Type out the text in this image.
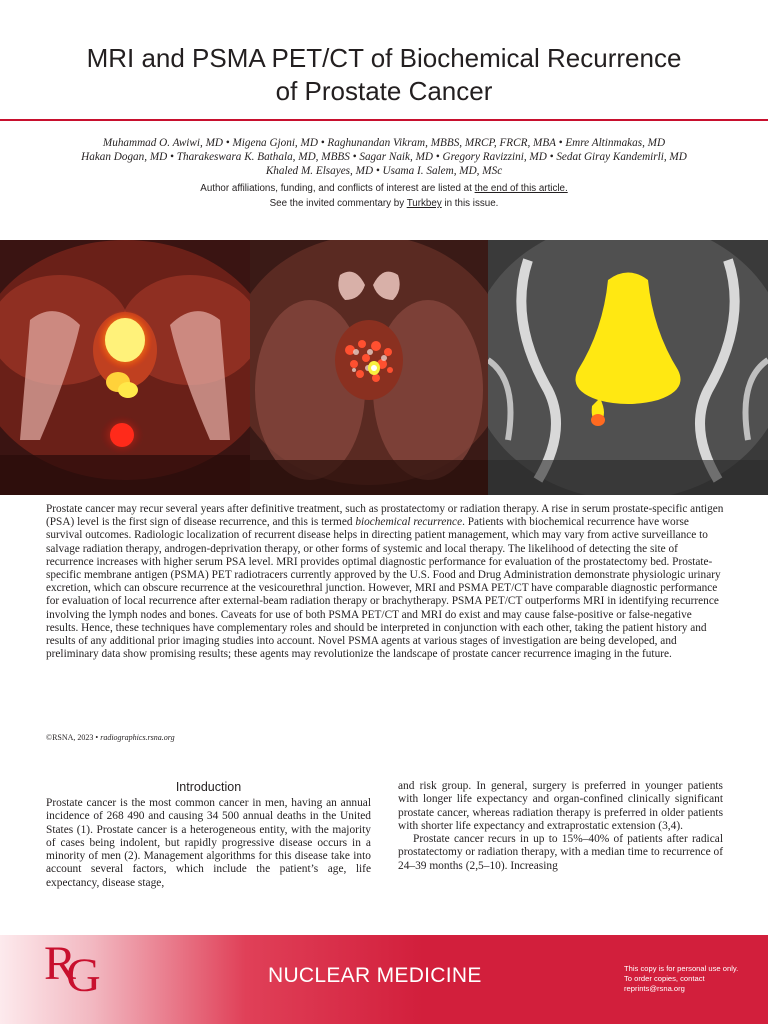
MRI and PSMA PET/CT of Biochemical Recurrence
of Prostate Cancer
Muhammad O. Awiwi, MD • Migena Gjoni, MD • Raghunandan Vikram, MBBS, MRCP, FRCR, MBA • Emre Altinmakas, MD
Hakan Dogan, MD • Tharakeswara K. Bathala, MD, MBBS • Sagar Naik, MD • Gregory Ravizzini, MD • Sedat Giray Kandemirli, MD
Khaled M. Elsayes, MD • Usama I. Salem, MD, MSc
Author affiliations, funding, and conflicts of interest are listed at the end of this article.
See the invited commentary by Turkbey in this issue.
Prostate cancer may recur several years after definitive treatment, such as prostatectomy or radiation therapy. A rise in serum prostate-specific antigen (PSA) level is the first sign of disease recurrence, and this is termed biochemical recurrence. Patients with biochemical recurrence have worse survival outcomes. Radiologic localization of recurrent disease helps in directing patient management, which may vary from active surveillance to salvage radiation therapy, androgen-deprivation therapy, or other forms of systemic and local therapy. The likelihood of detecting the site of recurrence increases with higher serum PSA level. MRI provides optimal diagnostic performance for evaluation of the prostatectomy bed. Prostate-specific membrane antigen (PSMA) PET radiotracers currently approved by the U.S. Food and Drug Administration demonstrate physiologic urinary excretion, which can obscure recurrence at the vesicourethral junction. However, MRI and PSMA PET/CT have comparable diagnostic performance for evaluation of local recurrence after external-beam radiation therapy or brachytherapy. PSMA PET/CT outperforms MRI in identifying recurrence involving the lymph nodes and bones. Caveats for use of both PSMA PET/CT and MRI do exist and may cause false-positive or false-negative results. Hence, these techniques have complementary roles and should be interpreted in conjunction with each other, taking the patient history and results of any additional prior imaging studies into account. Novel PSMA agents at various stages of investigation are being developed, and preliminary data show promising results; these agents may revolutionize the landscape of prostate cancer recurrence imaging in the future.
©RSNA, 2023 • radiographics.rsna.org
Introduction

Prostate cancer is the most common cancer in men, having an annual incidence of 268 490 and causing 34 500 annual deaths in the United States (1). Prostate cancer is a heterogeneous entity, with the majority of cases being indolent, but rapidly progressive disease occurs in a minority of men (2). Management algorithms for this disease take into account several factors, which include the patient’s age, life expectancy, disease stage,

and risk group. In general, surgery is preferred in younger patients with longer life expectancy and organ-confined clinically significant prostate cancer, whereas radiation therapy is preferred in older patients with shorter life expectancy and extraprostatic extension (3,4).

Prostate cancer recurs in up to 15%–40% of patients after radical prostatectomy or radiation therapy, with a median time to recurrence of 24–39 months (2,5–10). Increasing

RG	NUCLEAR MEDICINE	This copy is for personal use only. To order copies, contact reprints@rsna.org
